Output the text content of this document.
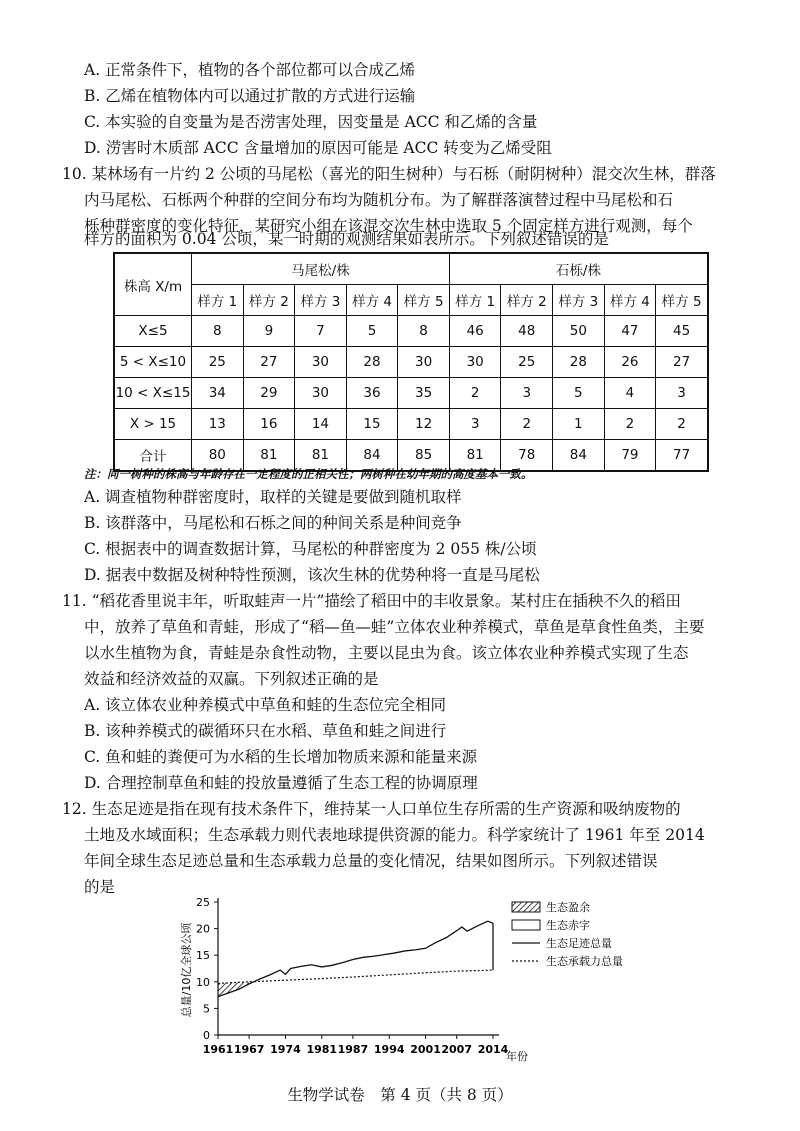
A. 正常条件下，植物的各个部位都可以合成乙烯
B. 乙烯在植物体内可以通过扩散的方式进行运输
C. 本实验的自变量为是否涝害处理，因变量是 ACC 和乙烯的含量
D. 涝害时木质部 ACC 含量增加的原因可能是 ACC 转变为乙烯受阻
10. 某林场有一片约 2 公顷的马尾松（喜光的阳生树种）与石栎（耐阴树种）混交次生林，群落
内马尾松、石栎两个种群的空间分布均为随机分布。为了解群落演替过程中马尾松和石
栎种群密度的变化特征，某研究小组在该混交次生林中选取 5 个固定样方进行观测，每个
样方的面积为 0.04 公顷，某一时期的观测结果如表所示。下列叙述错误的是
株高 X/m	马尾松/株					石栎/株				
	样方 1	样方 2	样方 3	样方 4	样方 5	样方 1	样方 2	样方 3	样方 4	样方 5
X≤5	8	9	7	5	8	46	48	50	47	45
5 < X≤10	25	27	30	28	30	30	25	28	26	27
10 < X≤15	34	29	30	36	35	2	3	5	4	3
X > 15	13	16	14	15	12	3	2	1	2	2
合计	80	81	81	84	85	81	78	84	79	77
注：同一树种的株高与年龄存在一定程度的正相关性；两树种在幼年期的高度基本一致。
A. 调查植物种群密度时，取样的关键是要做到随机取样
B. 该群落中，马尾松和石栎之间的种间关系是种间竞争
C. 根据表中的调查数据计算，马尾松的种群密度为 2 055 株/公顷
D. 据表中数据及树种特性预测，该次生林的优势种将一直是马尾松
11. “稻花香里说丰年，听取蛙声一片”描绘了稻田中的丰收景象。某村庄在插秧不久的稻田
中，放养了草鱼和青蛙，形成了“稻—鱼—蛙”立体农业种养模式，草鱼是草食性鱼类，主要
以水生植物为食，青蛙是杂食性动物，主要以昆虫为食。该立体农业种养模式实现了生态
效益和经济效益的双赢。下列叙述正确的是
A. 该立体农业种养模式中草鱼和蛙的生态位完全相同
B. 该种养模式的碳循环只在水稻、草鱼和蛙之间进行
C. 鱼和蛙的粪便可为水稻的生长增加物质来源和能量来源
D. 合理控制草鱼和蛙的投放量遵循了生态工程的协调原理
12. 生态足迹是指在现有技术条件下，维持某一人口单位生存所需的生产资源和吸纳废物的
土地及水域面积；生态承载力则代表地球提供资源的能力。科学家统计了 1961 年至 2014
年间全球生态足迹总量和生态承载力总量的变化情况，结果如图所示。下列叙述错误
的是
0
5
10
15
20
25
1961 1967 1974 1981 1987 1994 2001 2007 2014
生态盈余
生态赤字
生态足迹总量
生态承载力总量
总量/10亿全球公顷
年份
生物学试卷　第 4 页（共 8 页）
